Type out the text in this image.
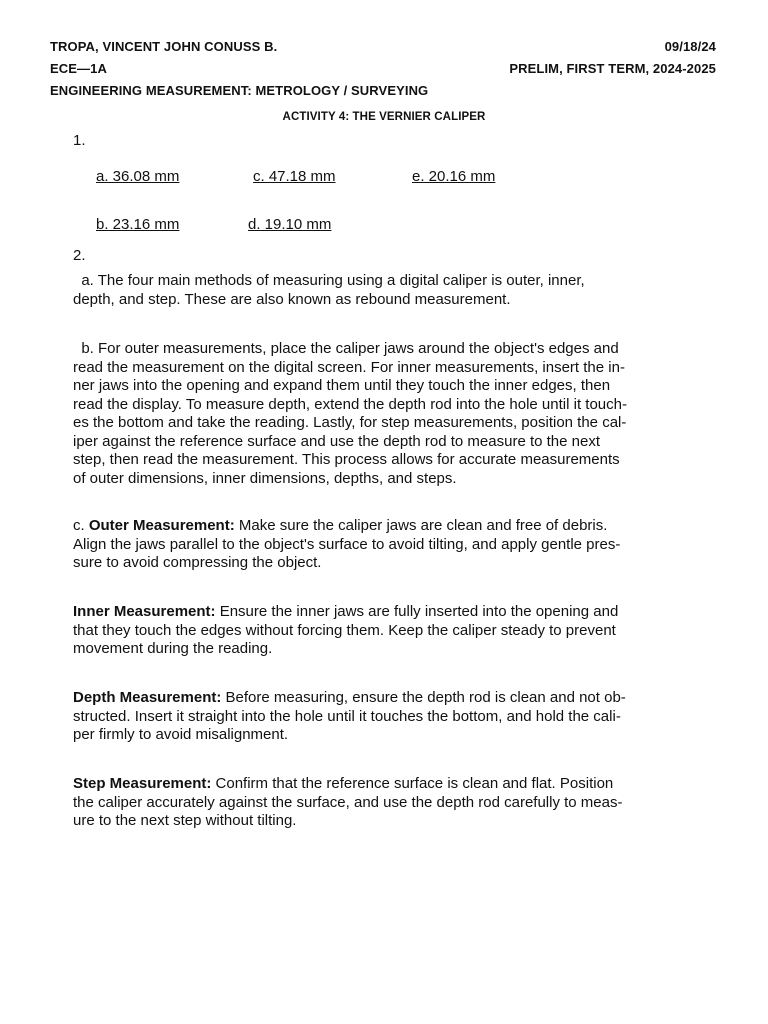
TROPA, VINCENT JOHN CONUSS B.	09/18/24
ECE—1A	PRELIM, FIRST TERM, 2024-2025
ENGINEERING MEASUREMENT: METROLOGY / SURVEYING
ACTIVITY 4: THE VERNIER CALIPER
1.
a. 36.08 mm	c. 47.18 mm	e. 20.16 mm
b. 23.16 mm	d. 19.10 mm
2.
a. The four main methods of measuring using a digital caliper is outer, inner,
depth, and step. These are also known as rebound measurement.
b. For outer measurements, place the caliper jaws around the object's edges and
read the measurement on the digital screen. For inner measurements, insert the in-
ner jaws into the opening and expand them until they touch the inner edges, then
read the display. To measure depth, extend the depth rod into the hole until it touch-
es the bottom and take the reading. Lastly, for step measurements, position the cal-
iper against the reference surface and use the depth rod to measure to the next
step, then read the measurement. This process allows for accurate measurements
of outer dimensions, inner dimensions, depths, and steps.
c. Outer Measurement: Make sure the caliper jaws are clean and free of debris.
Align the jaws parallel to the object's surface to avoid tilting, and apply gentle pres-
sure to avoid compressing the object.
Inner Measurement: Ensure the inner jaws are fully inserted into the opening and
that they touch the edges without forcing them. Keep the caliper steady to prevent
movement during the reading.
Depth Measurement: Before measuring, ensure the depth rod is clean and not ob-
structed. Insert it straight into the hole until it touches the bottom, and hold the cali-
per firmly to avoid misalignment.
Step Measurement: Confirm that the reference surface is clean and flat. Position
the caliper accurately against the surface, and use the depth rod carefully to meas-
ure to the next step without tilting.
